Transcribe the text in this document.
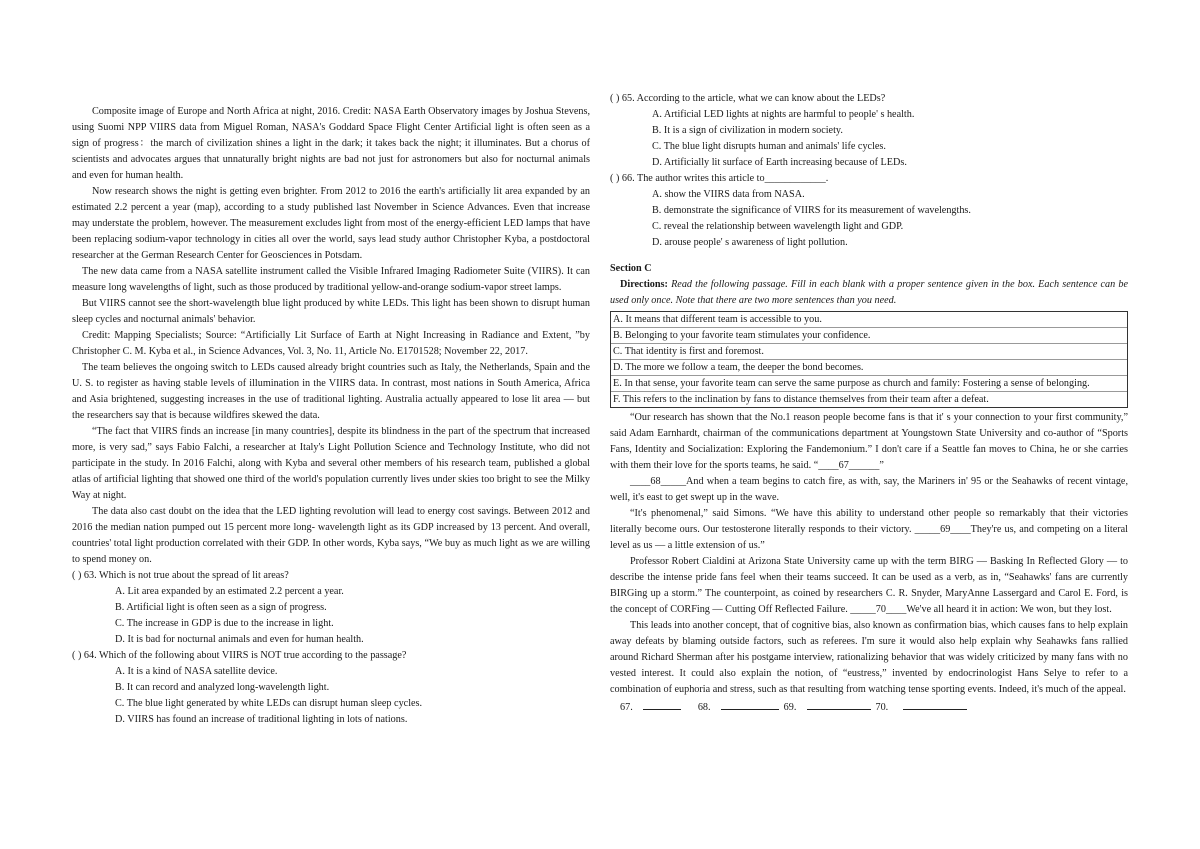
Composite image of Europe and North Africa at night, 2016. Credit: NASA Earth Observatory images by Joshua Stevens, using Suomi NPP VIIRS data from Miguel Roman, NASA's Goddard Space Flight Center Artificial light is often seen as a sign of progress：the march of civilization shines a light in the dark; it takes back the night; it illuminates. But a chorus of scientists and advocates argues that unnaturally bright nights are bad not just for astronomers but also for nocturnal animals and even for human health.

Now research shows the night is getting even brighter. From 2012 to 2016 the earth's artificially lit area expanded by an estimated 2.2 percent a year (map), according to a study published last November in Science Advances. Even that increase may understate the problem, however. The measurement excludes light from most of the energy-efficient LED lamps that have been replacing sodium-vapor technology in cities all over the world, says lead study author Christopher Kyba, a postdoctoral researcher at the German Research Center for Geosciences in Potsdam.

The new data came from a NASA satellite instrument called the Visible Infrared Imaging Radiometer Suite (VIIRS). It can measure long wavelengths of light, such as those produced by traditional yellow-and-orange sodium-vapor street lamps.

But VIIRS cannot see the short-wavelength blue light produced by white LEDs. This light has been shown to disrupt human sleep cycles and nocturnal animals' behavior.

Credit: Mapping Specialists; Source: “Artificially Lit Surface of Earth at Night Increasing in Radiance and Extent, ”by Christopher C. M. Kyba et al., in Science Advances, Vol. 3, No. 11, Article No. E1701528; November 22, 2017.

The team believes the ongoing switch to LEDs caused already bright countries such as Italy, the Netherlands, Spain and the U. S. to register as having stable levels of illumination in the VIIRS data. In contrast, most nations in South America, Africa and Asia brightened, suggesting increases in the use of traditional lighting. Australia actually appeared to lose lit area — but the researchers say that is because wildfires skewed the data.

“The fact that VIIRS finds an increase [in many countries], despite its blindness in the part of the spectrum that increased more, is very sad,” says Fabio Falchi, a researcher at Italy's Light Pollution Science and Technology Institute, who did not participate in the study. In 2016 Falchi, along with Kyba and several other members of his research team, published a global atlas of artificial lighting that showed one third of the world's population currently lives under skies too bright to see the Milky Way at night.

The data also cast doubt on the idea that the LED lighting revolution will lead to energy cost savings. Between 2012 and 2016 the median nation pumped out 15 percent more long- wavelength light as its GDP increased by 13 percent. And overall, countries' total light production correlated with their GDP. In other words, Kyba says, “We buy as much light as we are willing to spend money on.

( ) 63. Which is not true about the spread of lit areas?

A. Lit area expanded by an estimated 2.2 percent a year.

B. Artificial light is often seen as a sign of progress.

C. The increase in GDP is due to the increase in light.

D. It is bad for nocturnal animals and even for human health.

( ) 64. Which of the following about VIIRS is NOT true according to the passage?

A. It is a kind of NASA satellite device.

B. It can record and analyzed long-wavelength light.

C. The blue light generated by white LEDs can disrupt human sleep cycles.

D. VIIRS has found an increase of traditional lighting in lots of nations.

( ) 65. According to the article, what we can know about the LEDs?

A. Artificial LED lights at nights are harmful to people' s health.

B. It is a sign of civilization in modern society.

C. The blue light disrupts human and animals' life cycles.

D. Artificially lit surface of Earth increasing because of LEDs.

( ) 66. The author writes this article to____________.

A. show the VIIRS data from NASA.

B. demonstrate the significance of VIIRS for its measurement of wavelengths.

C. reveal the relationship between wavelength light and GDP.

D. arouse people' s awareness of light pollution.

Section C

Directions: Read the following passage. Fill in each blank with a proper sentence given in the box. Each sentence can be used only once. Note that there are two more sentences than you need.

A. It means that different team is accessible to you.
B. Belonging to your favorite team stimulates your confidence.
C. That identity is first and foremost.
D. The more we follow a team, the deeper the bond becomes.
E. In that sense, your favorite team can serve the same purpose as church and family: Fostering a sense of belonging.
F. This refers to the inclination by fans to distance themselves from their team after a defeat.

“Our research has shown that the No.1 reason people become fans is that it' s your connection to your first community,” said Adam Earnhardt, chairman of the communications department at Youngstown State University and co-author of “Sports Fans, Identity and Socialization: Exploring the Fandemonium.” I don't care if a Seattle fan moves to China, he or she carries with them their love for the sports teams, he said. “____67______”

____68_____And when a team begins to catch fire, as with, say, the Mariners in' 95 or the Seahawks of recent vintage, well, it's east to get swept up in the wave.

“It's phenomenal,” said Simons. “We have this ability to understand other people so remarkably that their victories literally become ours. Our testosterone literally responds to their victory. _____69____They're us, and competing on a literal level as us — a little extension of us.”

Professor Robert Cialdini at Arizona State University came up with the term BIRG — Basking In Reflected Glory — to describe the intense pride fans feel when their teams succeed. It can be used as a verb, as in, “Seahawks' fans are currently BIRGing up a storm.” The counterpoint, as coined by researchers C. R. Snyder, MaryAnne Lassergard and Carol E. Ford, is the concept of CORFing — Cutting Off Reflected Failure. _____70____We've all heard it in action: We won, but they lost.

This leads into another concept, that of cognitive bias, also known as confirmation bias, which causes fans to help explain away defeats by blaming outside factors, such as referees. I'm sure it would also help explain why Seahawks fans rallied around Richard Sherman after his postgame interview, rationalizing behavior that was widely criticized by many fans with no vested interest. It could also explain the notion, of “eustress,” invented by endocrinologist Hans Selye to refer to a combination of euphoria and stress, such as that resulting from watching tense sporting events. Indeed, it's much of the appeal.

67.	68.	69.	70.
